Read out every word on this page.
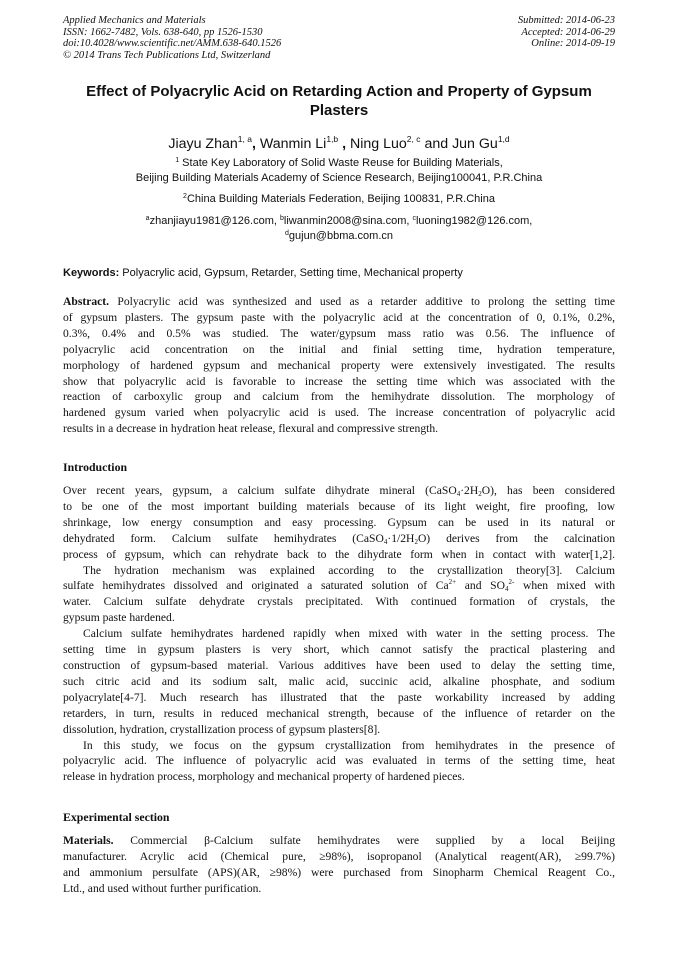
Applied Mechanics and Materials
ISSN: 1662-7482, Vols. 638-640, pp 1526-1530
doi:10.4028/www.scientific.net/AMM.638-640.1526
© 2014 Trans Tech Publications Ltd, Switzerland
Submitted: 2014-06-23
Accepted: 2014-06-29
Online: 2014-09-19
Effect of Polyacrylic Acid on Retarding Action and Property of Gypsum
Plasters
Jiayu Zhan$^{1, a}$, Wanmin Li$^{1,b}$ , Ning Luo$^{2, c}$ and Jun Gu$^{1,d}$
$^1$ State Key Laboratory of Solid Waste Reuse for Building Materials,
Beijing Building Materials Academy of Science Research, Beijing100041, P.R.China
$^2$China Building Materials Federation, Beijing 100831, P.R.China
$^a$zhanjiayu1981@126.com, $^b$liwanmin2008@sina.com, $^c$luoning1982@126.com,
$^d$gujun@bbma.com.cn
Keywords: Polyacrylic acid, Gypsum, Retarder, Setting time, Mechanical property
Abstract. Polyacrylic acid was synthesized and used as a retarder additive to prolong the setting time
of gypsum plasters. The gypsum paste with the polyacrylic acid at the concentration of 0, 0.1%, 0.2%,
0.3%, 0.4% and 0.5% was studied. The water/gypsum mass ratio was 0.56. The influence of
polyacrylic acid concentration on the initial and finial setting time, hydration temperature,
morphology of hardened gypsum and mechanical property were extensively investigated. The results
show that polyacrylic acid is favorable to increase the setting time which was associated with the
reaction of carboxylic group and calcium from the hemihydrate dissolution. The morphology of
hardened gysum varied when polyacrylic acid is used. The increase concentration of polyacrylic acid
results in a decrease in hydration heat release, flexural and compressive strength.
Introduction
Over recent years, gypsum, a calcium sulfate dihydrate mineral $(CaSO_4\cdot 2H_2O)$, has been considered
to be one of the most important building materials because of its light weight, fire proofing, low
shrinkage, low energy consumption and easy processing. Gypsum can be used in its natural or
dehydrated form. Calcium sulfate hemihydrates $(CaSO_4\cdot 1/2H_2O)$ derives from the calcination
process of gypsum, which can rehydrate back to the dihydrate form when in contact with water[1,2].
The hydration mechanism was explained according to the crystallization theory[3]. Calcium
sulfate hemihydrates dissolved and originated a saturated solution of $Ca^{2+}$ and $SO_4^{2-}$ when mixed with
water. Calcium sulfate dehydrate crystals precipitated. With continued formation of crystals, the
gypsum paste hardened.
Calcium sulfate hemihydrates hardened rapidly when mixed with water in the setting process. The
setting time in gypsum plasters is very short, which cannot satisfy the practical plastering and
construction of gypsum-based material. Various additives have been used to delay the setting time,
such citric acid and its sodium salt, malic acid, succinic acid, alkaline phosphate, and sodium
polyacrylate[4-7]. Much research has illustrated that the paste workability increased by adding
retarders, in turn, results in reduced mechanical strength, because of the influence of retarder on the
dissolution, hydration, crystallization process of gypsum plasters[8].
In this study, we focus on the gypsum crystallization from hemihydrates in the presence of
polyacrylic acid. The influence of polyacrylic acid was evaluated in terms of the setting time, heat
release in hydration process, morphology and mechanical property of hardened pieces.
Experimental section
Materials. Commercial β-Calcium sulfate hemihydrates were supplied by a local Beijing
manufacturer. Acrylic acid (Chemical pure, ≥98%), isopropanol (Analytical reagent(AR), ≥99.7%)
and ammonium persulfate (APS)(AR, ≥98%) were purchased from Sinopharm Chemical Reagent Co.,
Ltd., and used without further purification.
